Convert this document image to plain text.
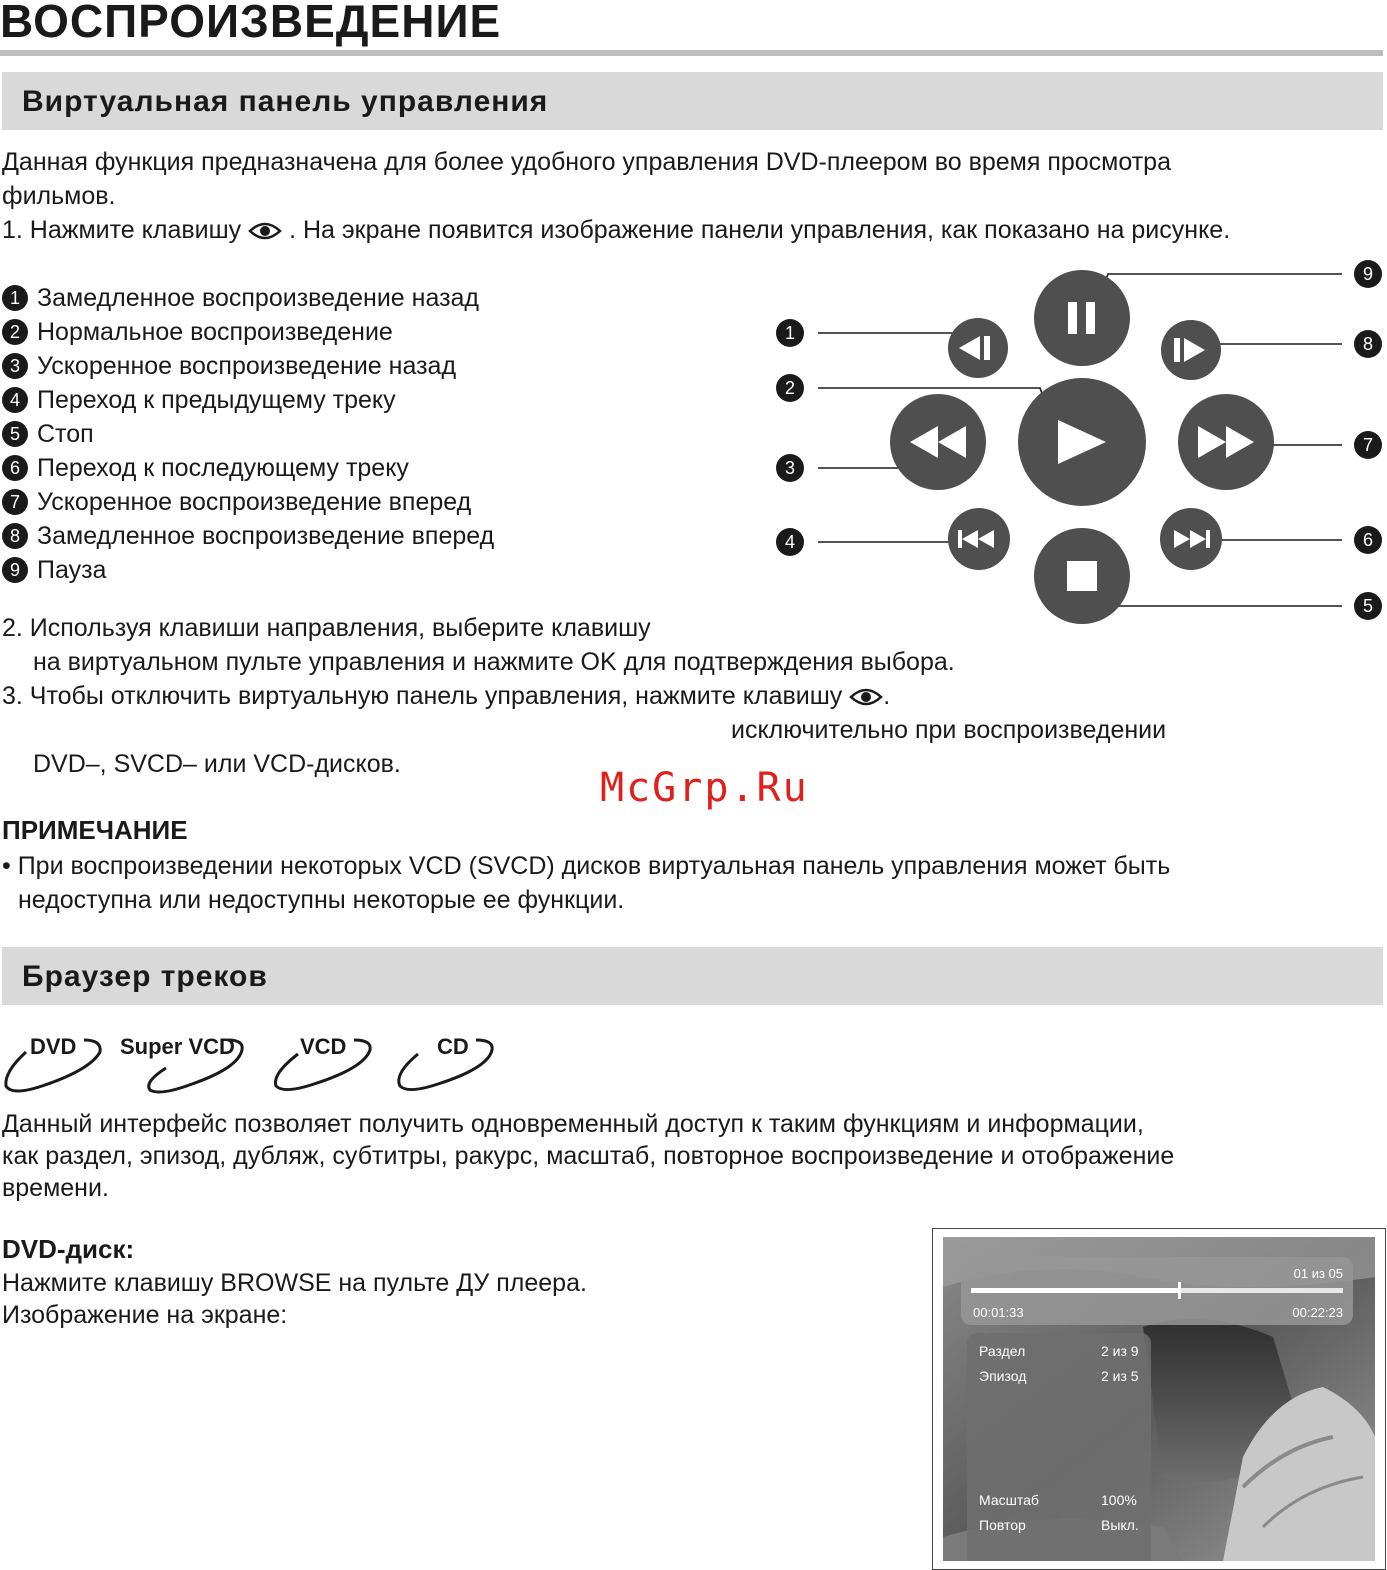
ВОСПРОИЗВЕДЕНИЕ
Виртуальная панель управления
Данная функция предназначена для более удобного управления DVD-плеером во время просмотра
фильмов.
1. Нажмите клавишу . На экране появится изображение панели управления, как показано на рисунке.
1 Замедленное воспроизведение назад
2 Нормальное воспроизведение
3 Ускоренное воспроизведение назад
4 Переход к предыдущему треку
5 Стоп
6 Переход к последующему треку
7 Ускоренное воспроизведение вперед
8 Замедленное воспроизведение вперед
9 Пауза
1
2
3
4
5
6
7
8
9
2. Используя клавиши направления, выберите клавишу
на виртуальном пульте управления и нажмите OK для подтверждения выбора.
3. Чтобы отключить виртуальную панель управления, нажмите клавишу .
исключительно при воспроизведении
DVD–, SVCD– или VCD-дисков.
McGrp.Ru
ПРИМЕЧАНИЕ
• При воспроизведении некоторых VCD (SVCD) дисков виртуальная панель управления может быть
недоступна или недоступны некоторые ее функции.
Браузер треков
DVD Super VCD	VCD	CD
Данный интерфейс позволяет получить одновременный доступ к таким функциям и информации,
как раздел, эпизод, дубляж, субтитры, ракурс, масштаб, повторное воспроизведение и отображение
времени.
DVD-диск:
Нажмите клавишу BROWSE на пульте ДУ плеера.
Изображение на экране:
01 из 05
00:01:33	00:22:23
Раздел	2 из 9
Эпизод	2 из 5
Масштаб	100%
Повтор	Выкл.
